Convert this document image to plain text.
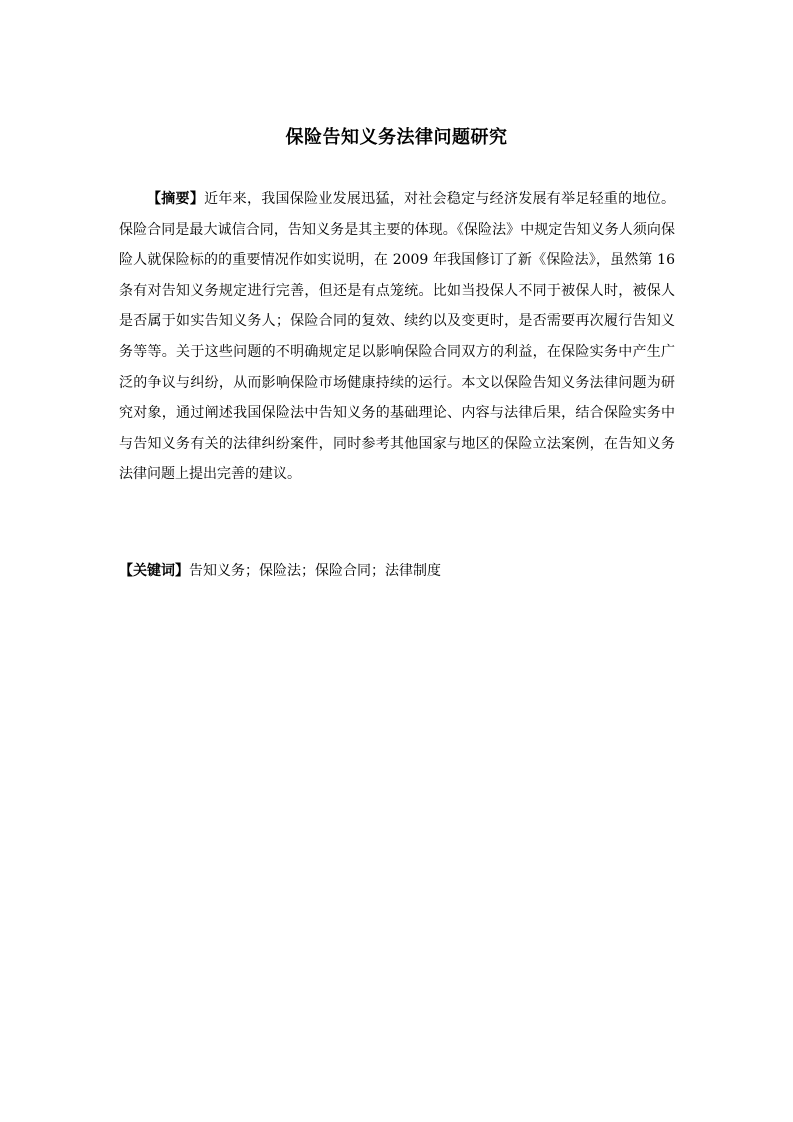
保险告知义务法律问题研究

【摘要】近年来，我国保险业发展迅猛，对社会稳定与经济发展有举足轻重的地位。保险合同是最大诚信合同，告知义务是其主要的体现。《保险法》中规定告知义务人须向保险人就保险标的的重要情况作如实说明，在 2009 年我国修订了新《保险法》，虽然第 16 条有对告知义务规定进行完善，但还是有点笼统。比如当投保人不同于被保人时，被保人是否属于如实告知义务人；保险合同的复效、续约以及变更时，是否需要再次履行告知义务等等。关于这些问题的不明确规定足以影响保险合同双方的利益，在保险实务中产生广泛的争议与纠纷，从而影响保险市场健康持续的运行。本文以保险告知义务法律问题为研究对象，通过阐述我国保险法中告知义务的基础理论、内容与法律后果，结合保险实务中与告知义务有关的法律纠纷案件，同时参考其他国家与地区的保险立法案例，在告知义务法律问题上提出完善的建议。

【关键词】告知义务；保险法；保险合同；法律制度
